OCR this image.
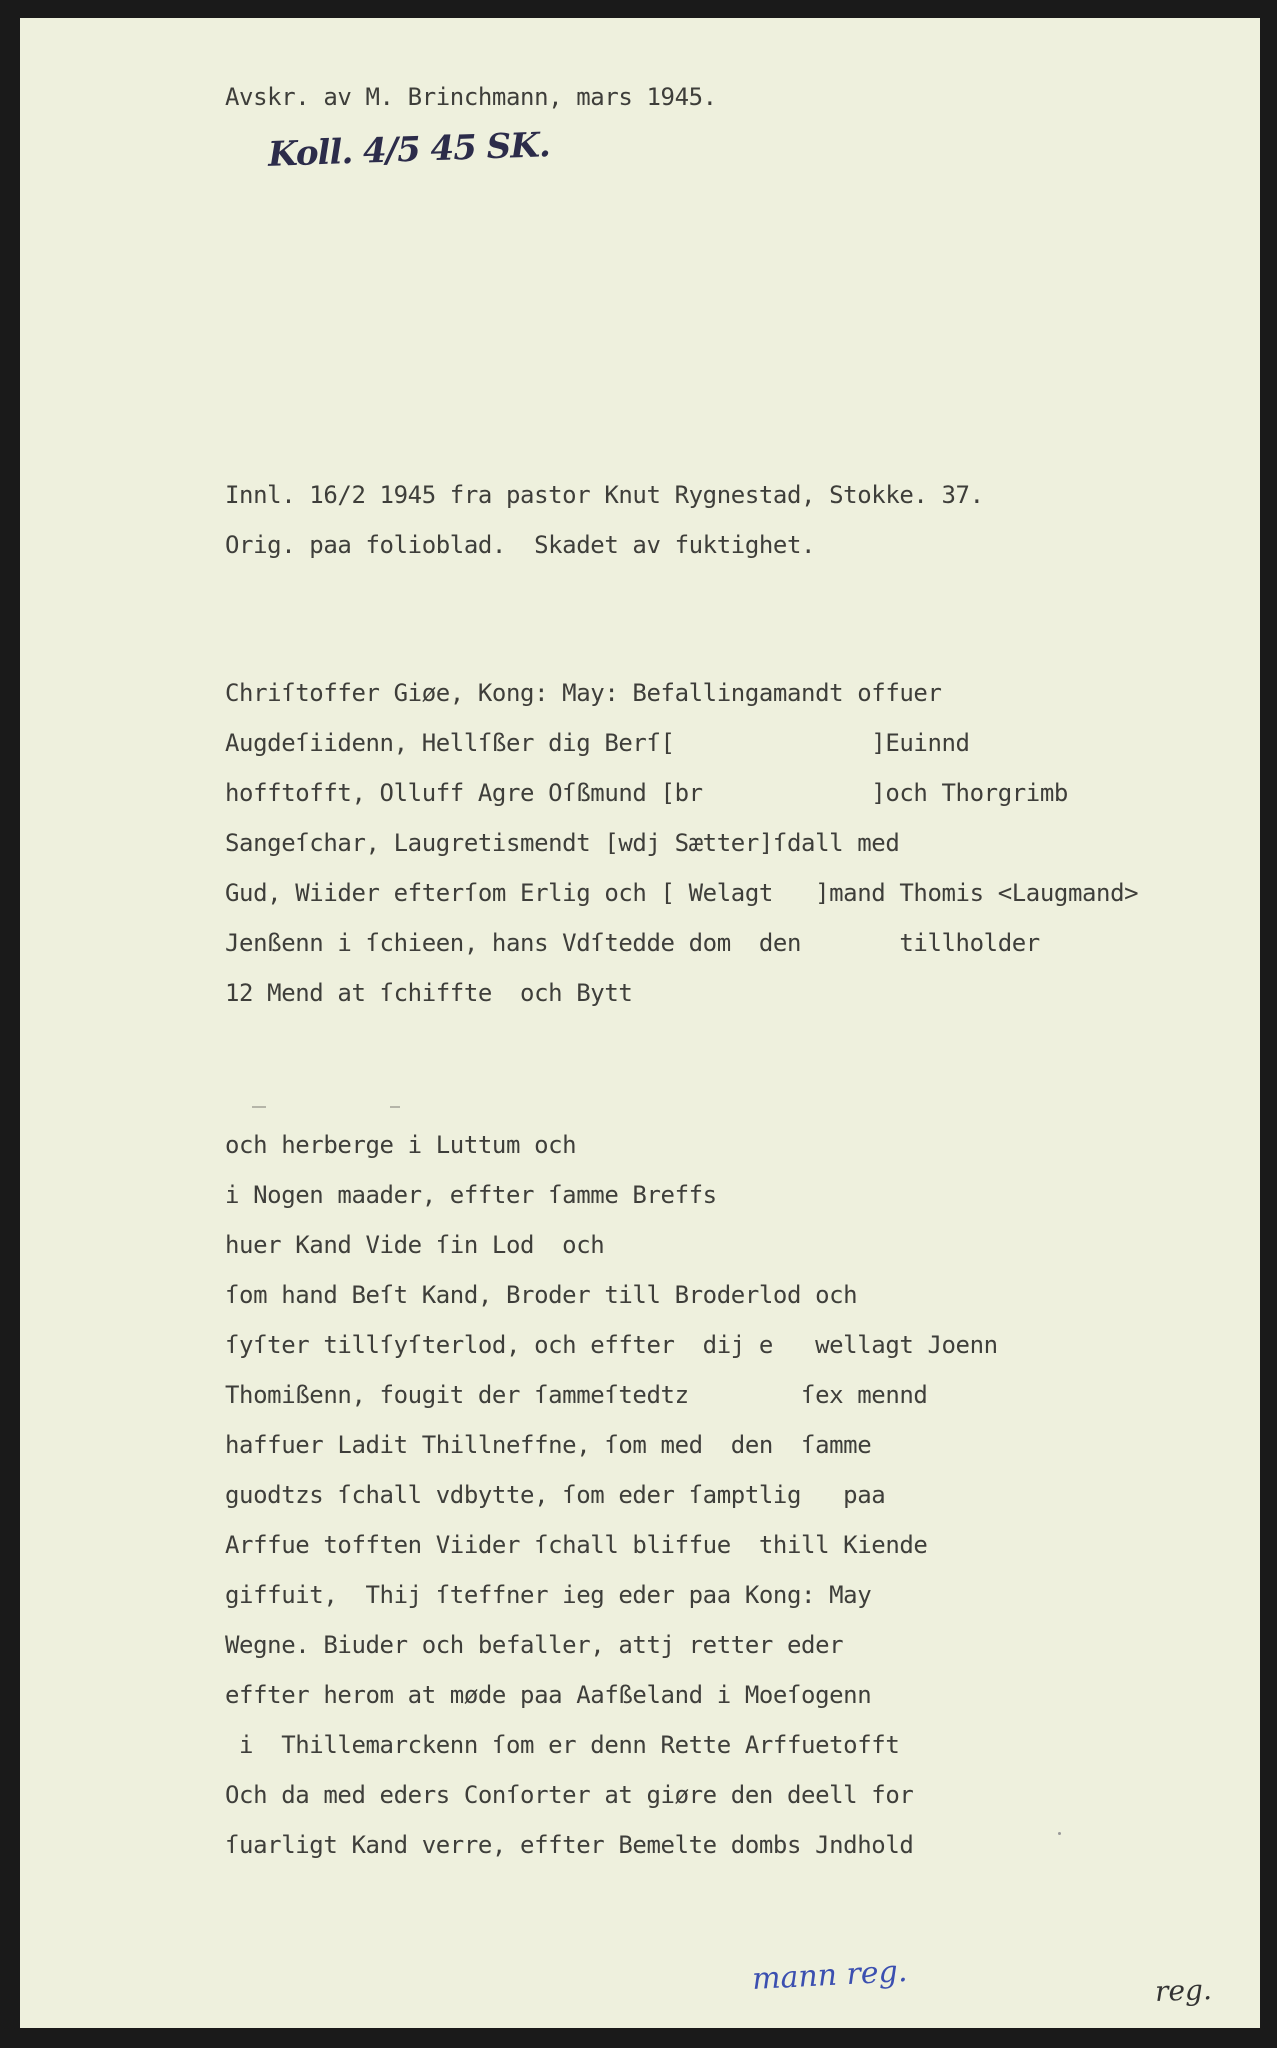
Avskr. av M. Brinchmann, mars 1945.
Koll. 4/5 45 SK.
Innl. 16/2 1945 fra pastor Knut Rygnestad, Stokke. 37.
Orig. paa folioblad.  Skadet av fuktighet.
Chriſtoffer Giøe, Kong: May: Befallingamandt offuer
Augdeſiidenn, Hellſßer dig Berſ[              ]Euinnd
hofftofft, Olluff Agre Oſßmund [br            ]och Thorgrimb
Sangeſchar, Laugretismendt [wdj Sætter]ſdall med
Gud, Wiider efterſom Erlig och [ Welagt   ]mand Thomis <Laugmand>
Jenßenn i ſchieen, hans Vdſtedde dom  den       tillholder
12 Mend at ſchiffte  och Bytt
och herberge i Luttum och
i Nogen maader, effter ſamme Breffs
huer Kand Vide ſin Lod  och
ſom hand Beſt Kand, Broder till Broderlod och
ſyſter tillſyſterlod, och effter  dij e   wellagt Joenn
Thomißenn, fougit der ſammeſtedtz        ſex mennd
haffuer Ladit Thillneffne, ſom med  den  ſamme
guodtzs ſchall vdbytte, ſom eder ſamptlig   paa
Arffue tofften Viider ſchall bliffue  thill Kiende
giffuit,  Thij ſteffner ieg eder paa Kong: May
Wegne. Biuder och befaller, attj retter eder
effter herom at møde paa Aafßeland i Moeſogenn
i  Thillemarckenn ſom er denn Rette Arffuetofft
Och da med eders Conſorter at giøre den deell for
ſuarligt Kand verre, effter Bemelte dombs Jndhold
mann reg.	reg.
